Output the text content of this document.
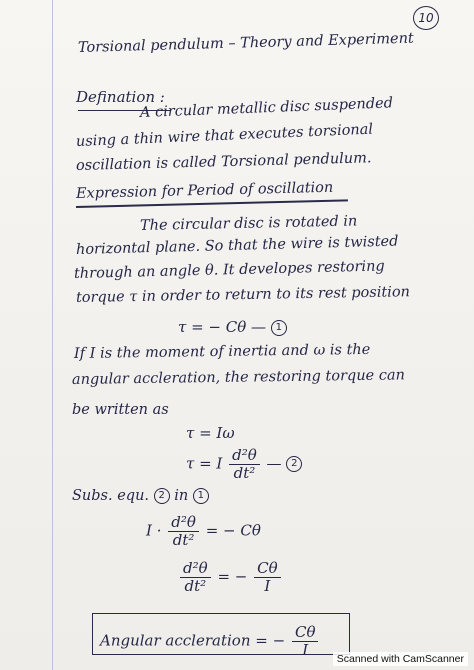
10
Torsional pendulum – Theory and Experiment
Defination :
A circular metallic disc suspended
using a thin wire that executes torsional
oscillation is called Torsional pendulum.
Expression for Period of oscillation
The circular disc is rotated in
horizontal plane. So that the wire is twisted
through an angle θ. It developes restoring
torque τ in order to return to its rest position
τ = − Cθ — 1
If I is the moment of inertia and ω is the
angular accleration, the restoring torque can
be written as
τ = Iω
τ = I $\frac{\text{d²θ}}{\text{dt²}}$ — 2
Subs. equ. 2 in 1
$I \cdot \frac{\text{d²θ}}{\text{dt²}}$ = − Cθ
$\frac{\text{d²θ}}{\text{dt²}}$ = − $\frac{C\theta}{I}$
Angular accleration = − $\frac{C\theta}{I}$
Scanned with CamScanner
